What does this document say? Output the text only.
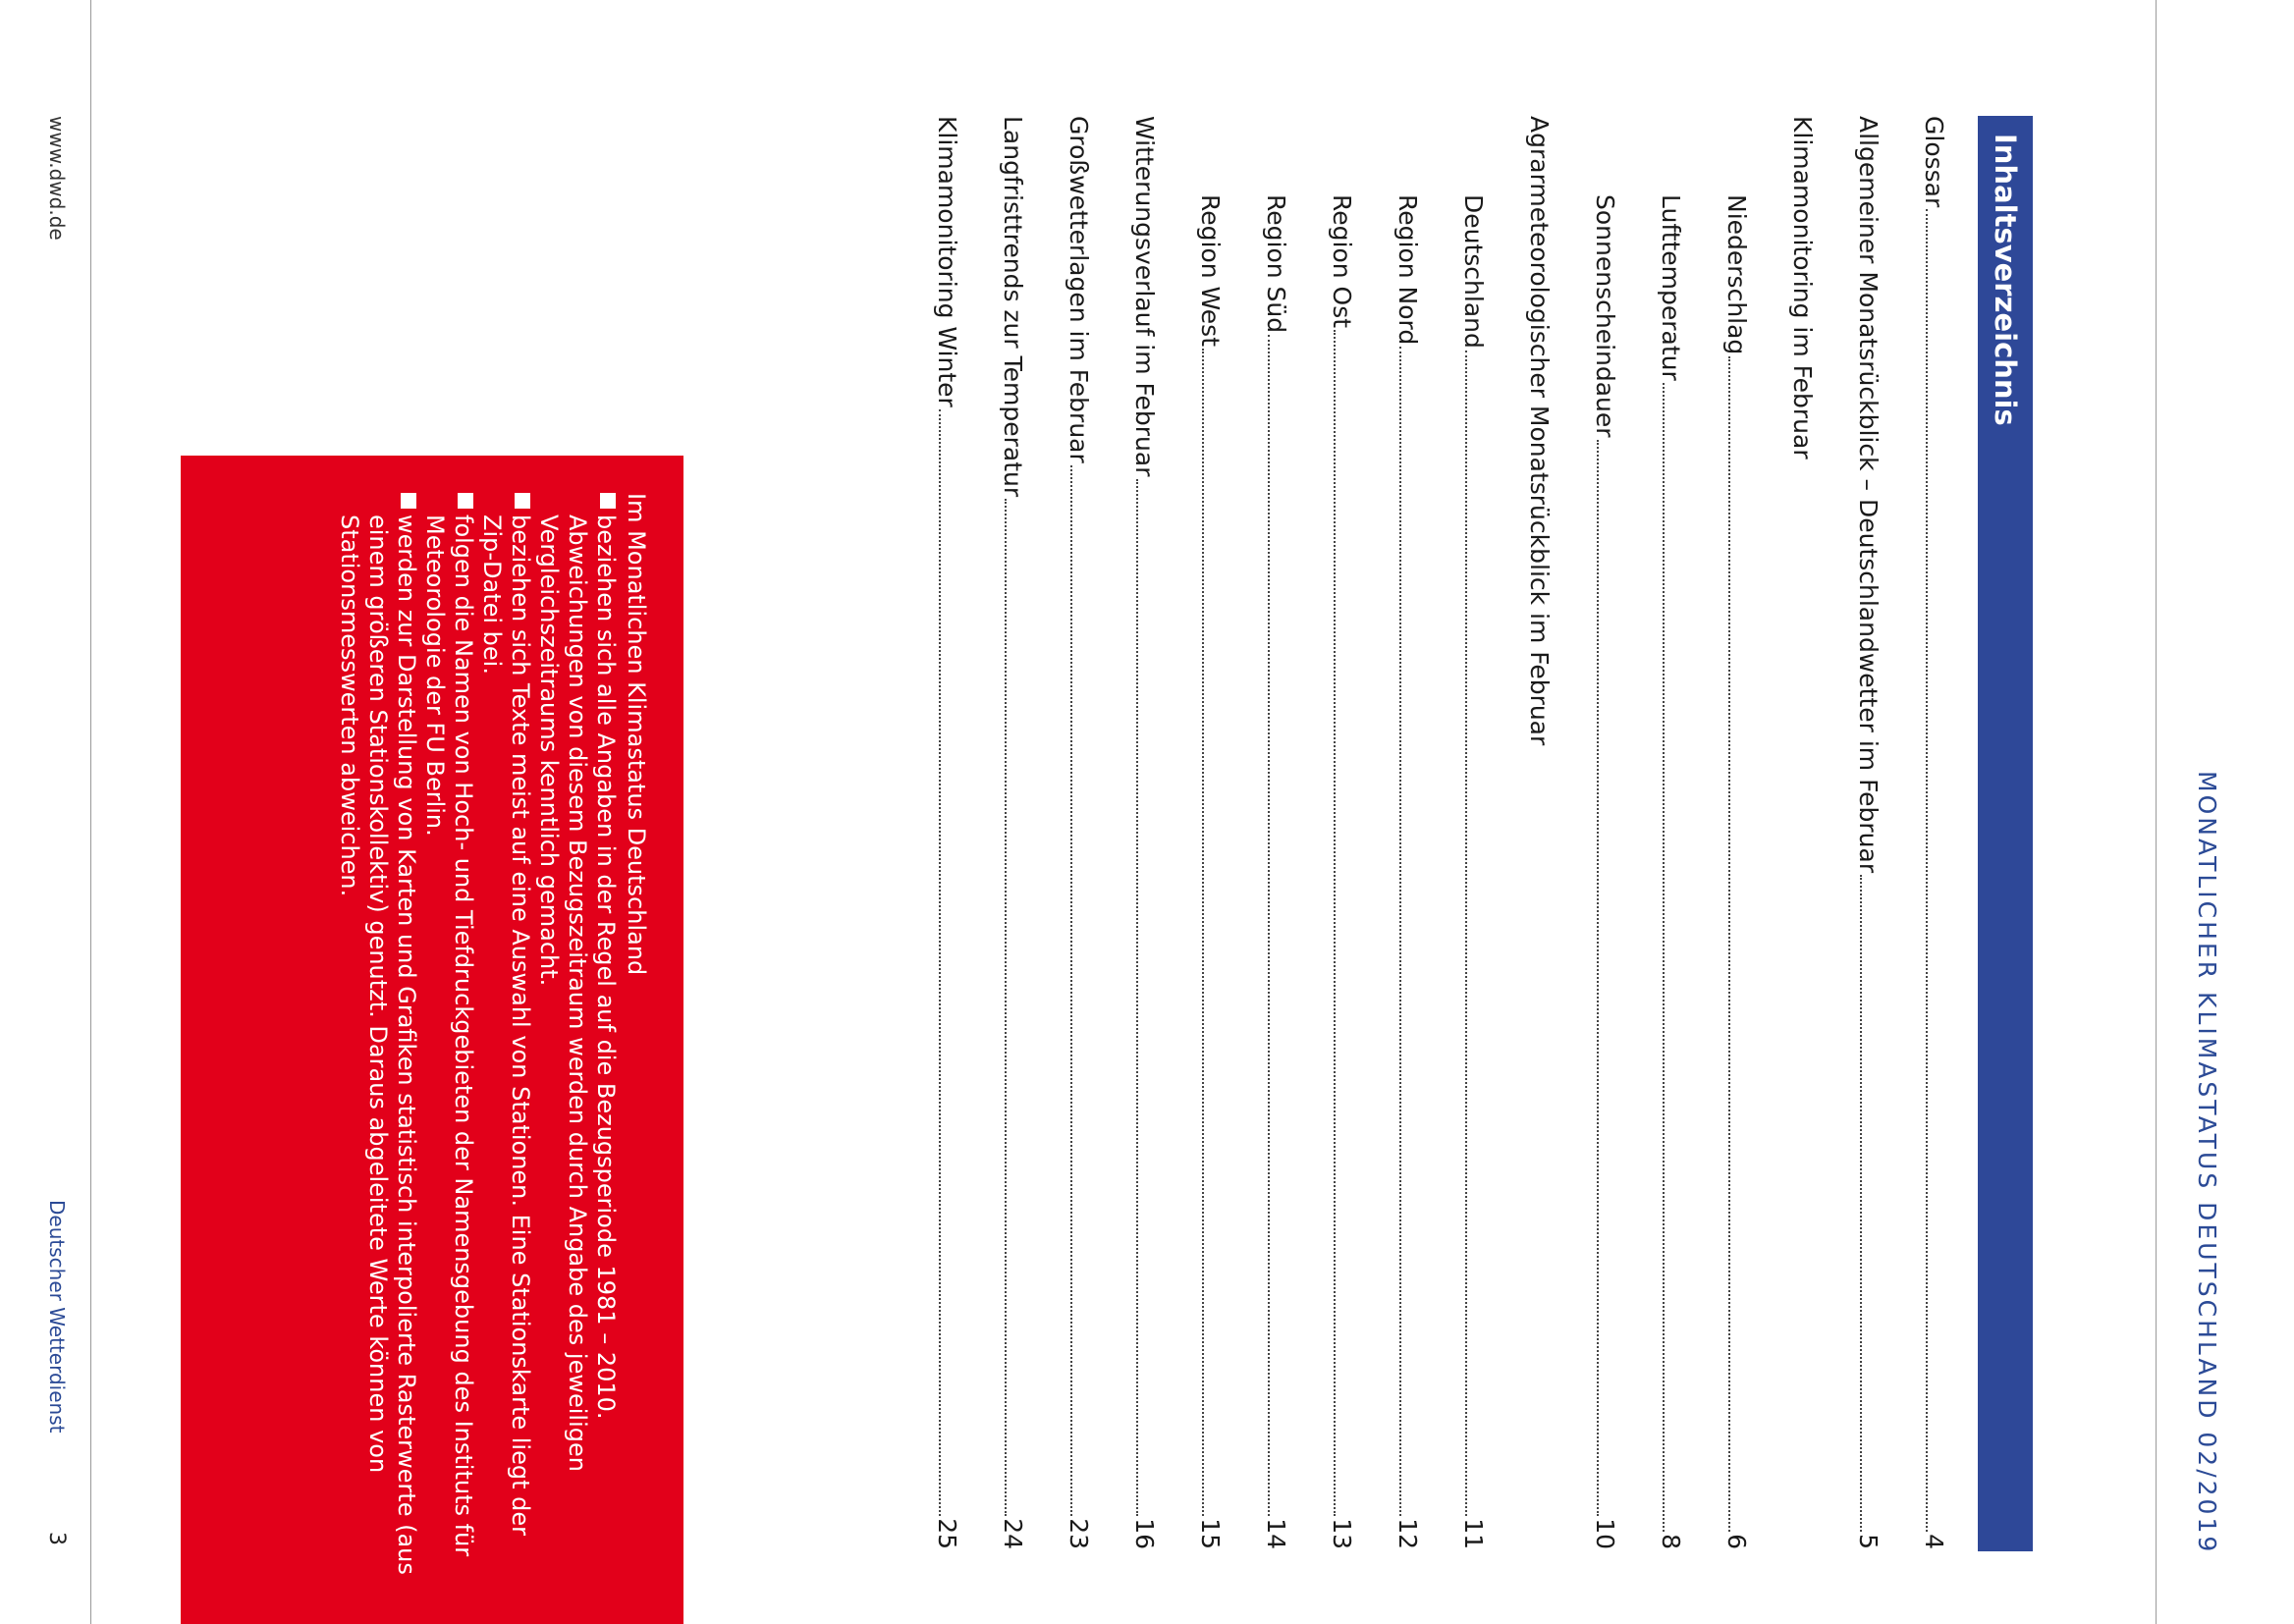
MONATLICHER KLIMASTATUS DEUTSCHLAND 02/2019
Inhaltsverzeichnis
Glossar
4
Allgemeiner Monatsrückblick – Deutschlandwetter im Februar
5
Klimamonitoring im Februar
Niederschlag
6
Lufttemperatur
8
Sonnenscheindauer
10
Agrarmeteorologischer Monatsrückblick im Februar
Deutschland
11
Region Nord
12
Region Ost
13
Region Süd
14
Region West
15
Witterungsverlauf im Februar
16
Großwetterlagen im Februar
23
Langfristtrends zur Temperatur
24
Klimamonitoring Winter
25
Im Monatlichen Klimastatus Deutschland
beziehen sich alle Angaben in der Regel auf die Bezugsperiode 1981 – 2010. Abweichungen von diesem Bezugszeitraum werden durch Angabe des jeweiligen Vergleichszeitraums kenntlich gemacht.
beziehen sich Texte meist auf eine Auswahl von Stationen. Eine Stationskarte liegt der Zip-Datei bei.
folgen die Namen von Hoch- und Tiefdruckgebieten der Namensgebung des Instituts für Meteorologie der FU Berlin.
werden zur Darstellung von Karten und Grafiken statistisch interpolierte Rasterwerte (aus einem größeren Stationskollektiv) genutzt. Daraus abgeleitete Werte können von Stationsmesswerten abweichen.
www.dwd.de
Deutscher Wetterdienst
3
